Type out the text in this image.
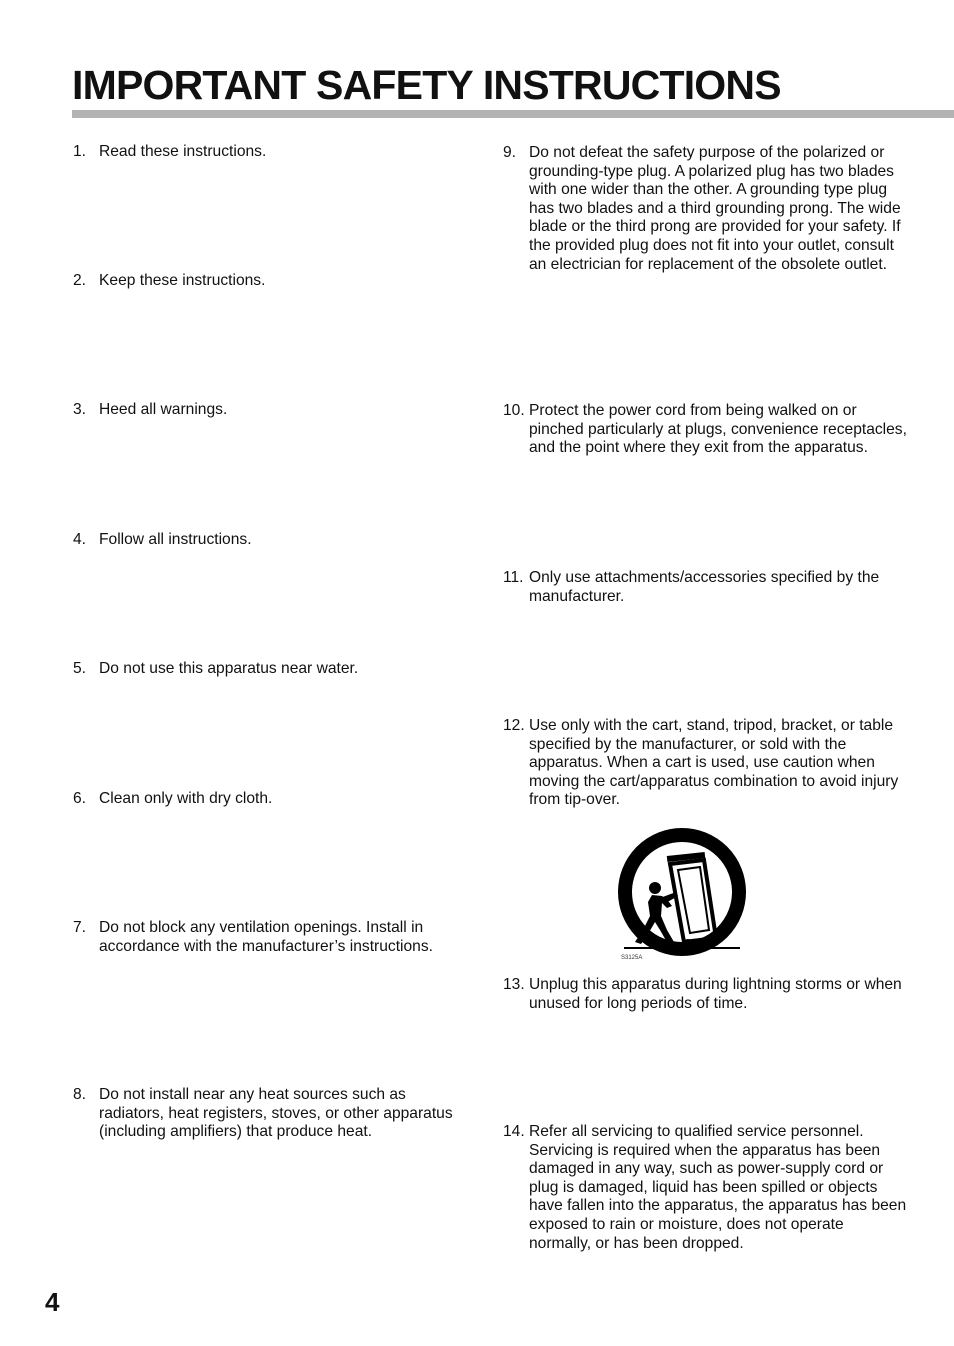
IMPORTANT SAFETY INSTRUCTIONS
1. Read these instructions.
2. Keep these instructions.
3. Heed all warnings.
4. Follow all instructions.
5. Do not use this apparatus near water.
6. Clean only with dry cloth.
7. Do not block any ventilation openings. Install in accordance with the manufacturer’s instructions.
8. Do not install near any heat sources such as radiators, heat registers, stoves, or other apparatus (including amplifiers) that produce heat.
9. Do not defeat the safety purpose of the polarized or grounding-type plug. A polarized plug has two blades with one wider than the other. A grounding type plug has two blades and a third grounding prong. The wide blade or the third prong are provided for your safety. If the provided plug does not fit into your outlet, consult an electrician for replacement of the obsolete outlet.
10. Protect the power cord from being walked on or pinched particularly at plugs, convenience receptacles, and the point where they exit from the apparatus.
11. Only use attachments/accessories specified by the manufacturer.
12. Use only with the cart, stand, tripod, bracket, or table specified by the manufacturer, or sold with the apparatus. When a cart is used, use caution when moving the cart/apparatus combination to avoid injury from tip-over.
S3125A
13. Unplug this apparatus during lightning storms or when unused for long periods of time.
14. Refer all servicing to qualified service personnel. Servicing is required when the apparatus has been damaged in any way, such as power-supply cord or plug is damaged, liquid has been spilled or objects have fallen into the apparatus, the apparatus has been exposed to rain or moisture, does not operate normally, or has been dropped.
4
